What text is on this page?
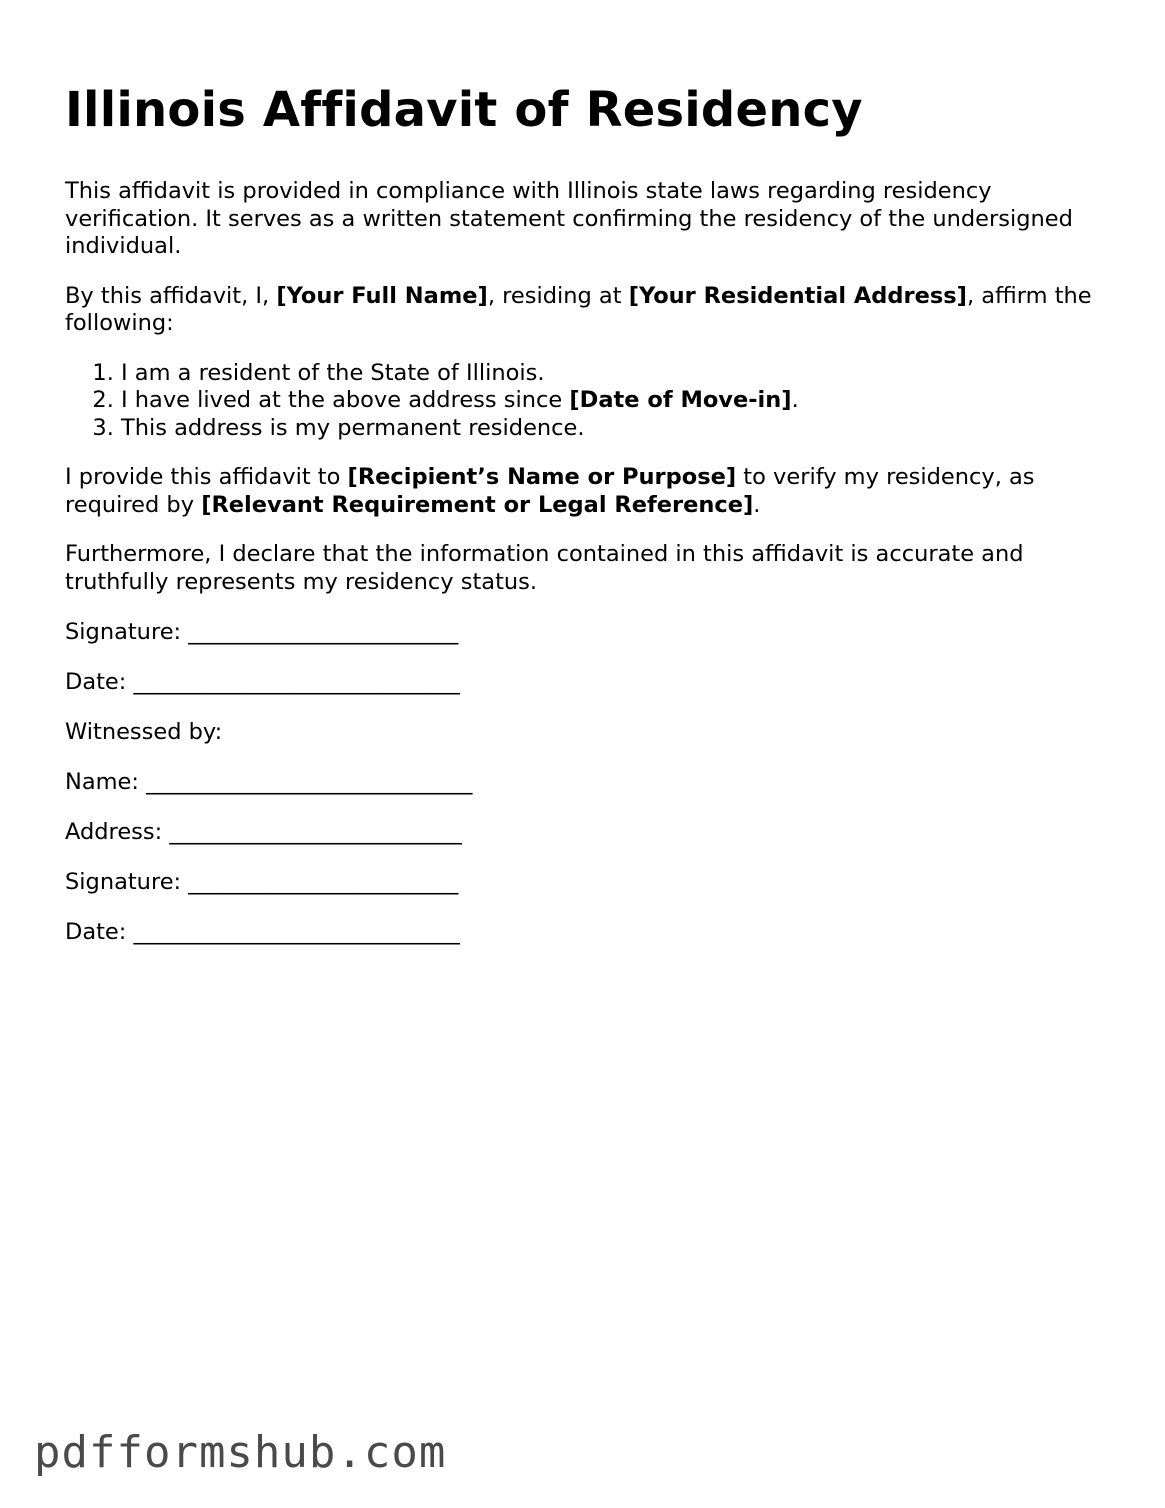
Illinois Affidavit of Residency

This affidavit is provided in compliance with Illinois state laws regarding residency verification. It serves as a written statement confirming the residency of the undersigned individual.

By this affidavit, I, [Your Full Name], residing at [Your Residential Address], affirm the following:

1. I am a resident of the State of Illinois.
2. I have lived at the above address since [Date of Move-in].
3. This address is my permanent residence.

I provide this affidavit to [Recipient’s Name or Purpose] to verify my residency, as required by [Relevant Requirement or Legal Reference].

Furthermore, I declare that the information contained in this affidavit is accurate and truthfully represents my residency status.

Signature: ________________________
Date: _____________________________
Witnessed by:
Name: _____________________________
Address: __________________________
Signature: ________________________
Date: _____________________________
pdfformshub.com
